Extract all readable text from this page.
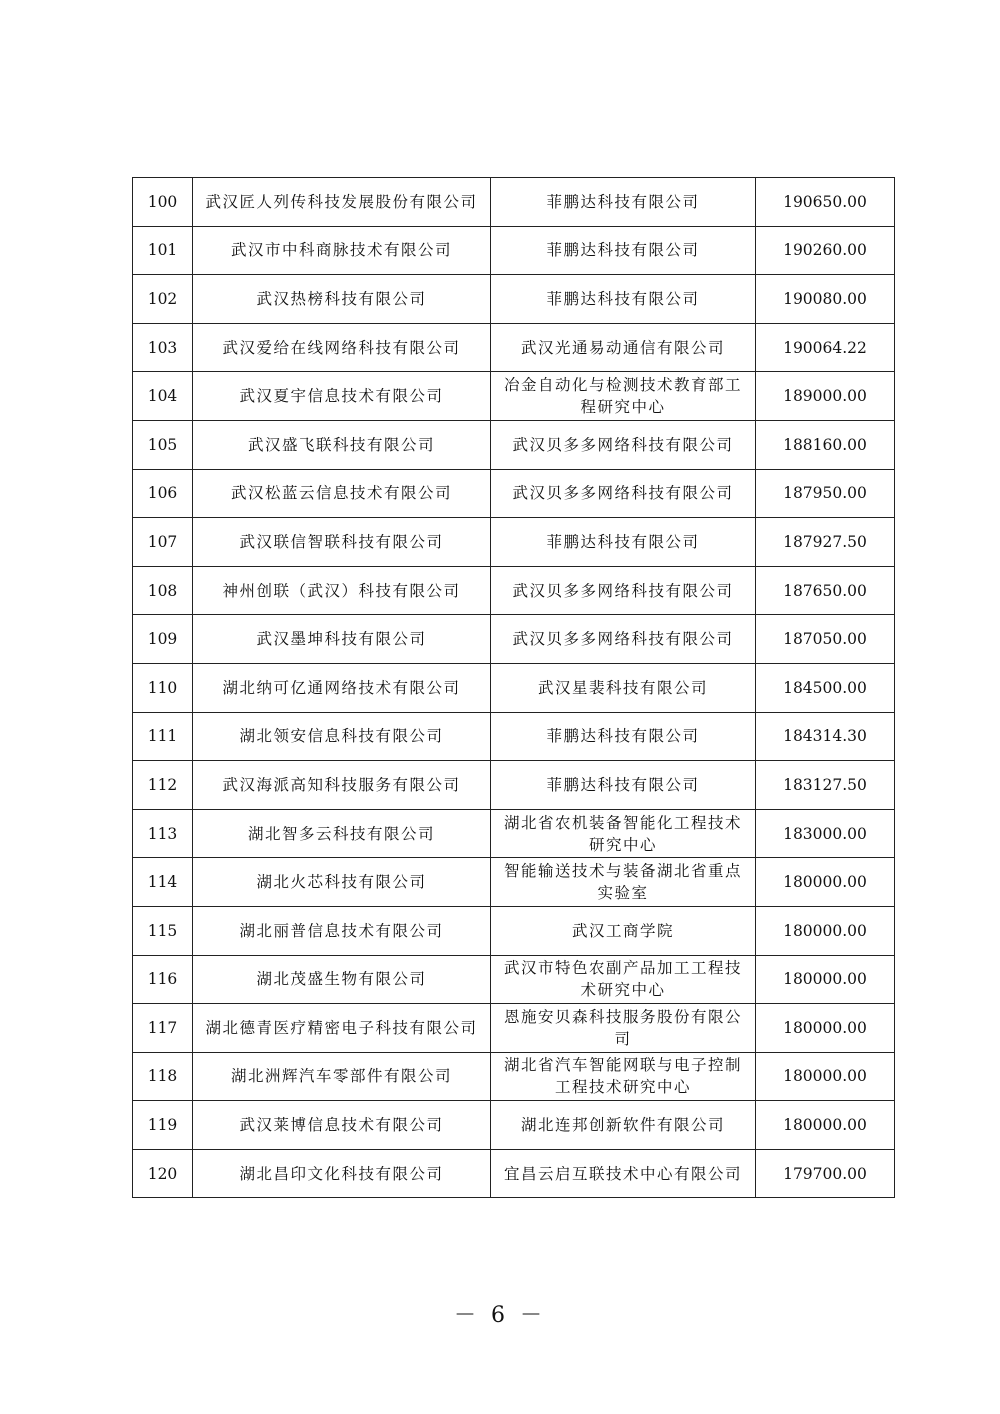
100	武汉匠人列传科技发展股份有限公司	菲鹏达科技有限公司	190650.00
101	武汉市中科商脉技术有限公司	菲鹏达科技有限公司	190260.00
102	武汉热榜科技有限公司	菲鹏达科技有限公司	190080.00
103	武汉爱给在线网络科技有限公司	武汉光通易动通信有限公司	190064.22
104	武汉夏宇信息技术有限公司	冶金自动化与检测技术教育部工程研究中心	189000.00
105	武汉盛飞联科技有限公司	武汉贝多多网络科技有限公司	188160.00
106	武汉松蓝云信息技术有限公司	武汉贝多多网络科技有限公司	187950.00
107	武汉联信智联科技有限公司	菲鹏达科技有限公司	187927.50
108	神州创联（武汉）科技有限公司	武汉贝多多网络科技有限公司	187650.00
109	武汉墨坤科技有限公司	武汉贝多多网络科技有限公司	187050.00
110	湖北纳可亿通网络技术有限公司	武汉星裴科技有限公司	184500.00
111	湖北领安信息科技有限公司	菲鹏达科技有限公司	184314.30
112	武汉海派高知科技服务有限公司	菲鹏达科技有限公司	183127.50
113	湖北智多云科技有限公司	湖北省农机装备智能化工程技术研究中心	183000.00
114	湖北火芯科技有限公司	智能输送技术与装备湖北省重点实验室	180000.00
115	湖北丽普信息技术有限公司	武汉工商学院	180000.00
116	湖北茂盛生物有限公司	武汉市特色农副产品加工工程技术研究中心	180000.00
117	湖北德青医疗精密电子科技有限公司	恩施安贝森科技服务股份有限公司	180000.00
118	湖北洲辉汽车零部件有限公司	湖北省汽车智能网联与电子控制工程技术研究中心	180000.00
119	武汉莱博信息技术有限公司	湖北连邦创新软件有限公司	180000.00
120	湖北昌印文化科技有限公司	宜昌云启互联技术中心有限公司	179700.00
－ 6 －
